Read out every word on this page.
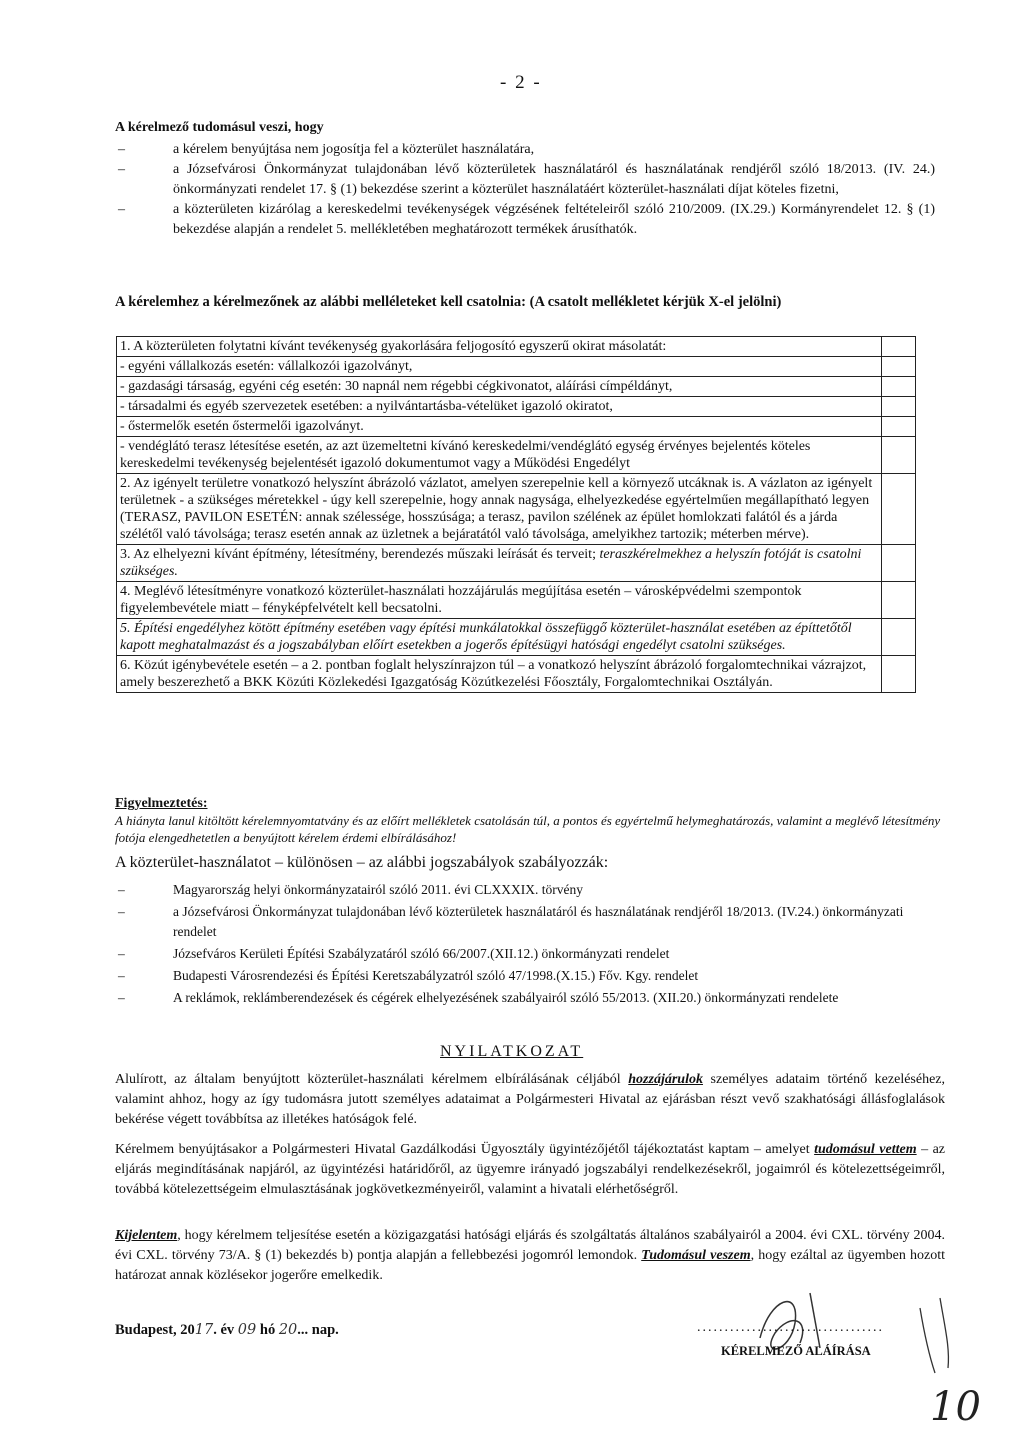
- 2 -
A kérelmező tudomásul veszi, hogy
– a kérelem benyújtása nem jogosítja fel a közterület használatára,
– a Józsefvárosi Önkormányzat tulajdonában lévő közterületek használatáról és használatának rendjéről szóló 18/2013. (IV. 24.) önkormányzati rendelet 17. § (1) bekezdése szerint a közterület használatáért közterület-használati díjat köteles fizetni,
– a közterületen kizárólag a kereskedelmi tevékenységek végzésének feltételeiről szóló 210/2009. (IX.29.) Kormányrendelet 12. § (1) bekezdése alapján a rendelet 5. mellékletében meghatározott termékek árusíthatók.
A kérelemhez a kérelmezőnek az alábbi melléleteket kell csatolnia: (A csatolt mellékletet kérjük X-el jelölni)
1. A közterületen folytatni kívánt tevékenység gyakorlására feljogosító egyszerű okirat másolatát:	
- egyéni vállalkozás esetén: vállalkozói igazolványt,	
- gazdasági társaság, egyéni cég esetén: 30 napnál nem régebbi cégkivonatot, aláírási címpéldányt,	
- társadalmi és egyéb szervezetek esetében: a nyilvántartásba-vételüket igazoló okiratot,	
- őstermelők esetén őstermelői igazolványt.	
- vendéglátó terasz létesítése esetén, az azt üzemeltetni kívánó kereskedelmi/vendéglátó egység érvényes bejelentés köteles kereskedelmi tevékenység bejelentését igazoló dokumentumot vagy a Működési Engedélyt	
2. Az igényelt területre vonatkozó helyszínt ábrázoló vázlatot, amelyen szerepelnie kell a környező utcáknak is. A vázlaton az igényelt területnek - a szükséges méretekkel - úgy kell szerepelnie, hogy annak nagysága, elhelyezkedése egyértelműen megállapítható legyen (TERASZ, PAVILON ESETÉN: annak szélessége, hosszúsága; a terasz, pavilon szélének az épület homlokzati falától és a járda szélétől való távolsága; terasz esetén annak az üzletnek a bejáratától való távolsága, amelyikhez tartozik; méterben mérve).	
3. Az elhelyezni kívánt építmény, létesítmény, berendezés műszaki leírását és terveit; teraszkérelmekhez a helyszín fotóját is csatolni szükséges.	
4. Meglévő létesítményre vonatkozó közterület-használati hozzájárulás megújítása esetén – városképvédelmi szempontok figyelembevétele miatt – fényképfelvételt kell becsatolni.	
5. Építési engedélyhez kötött építmény esetében vagy építési munkálatokkal összefüggő közterület-használat esetében az építtetőtől kapott meghatalmazást és a jogszabályban előírt esetekben a jogerős építésügyi hatósági engedélyt csatolni szükséges.	
6. Közút igénybevétele esetén – a 2. pontban foglalt helyszínrajzon túl – a vonatkozó helyszínt ábrázoló forgalomtechnikai vázrajzot, amely beszerezhető a BKK Közúti Közlekedési Igazgatóság Közútkezelési Főosztály, Forgalomtechnikai Osztályán.	
Figyelmeztetés:
A hiányta lanul kitöltött kérelemnyomtatvány és az előírt mellékletek csatolásán túl, a pontos és egyértelmű helymeghatározás, valamint a meglévő létesítmény fotója elengedhetetlen a benyújtott kérelem érdemi elbírálásához!
A közterület-használatot – különösen – az alábbi jogszabályok szabályozzák:
– Magyarország helyi önkormányzatairól szóló 2011. évi CLXXXIX. törvény
– a Józsefvárosi Önkormányzat tulajdonában lévő közterületek használatáról és használatának rendjéről 18/2013. (IV.24.) önkormányzati rendelet
– Józsefváros Kerületi Építési Szabályzatáról szóló 66/2007.(XII.12.) önkormányzati rendelet
– Budapesti Városrendezési és Építési Keretszabályzatról szóló 47/1998.(X.15.) Főv. Kgy. rendelet
– A reklámok, reklámberendezések és cégérek elhelyezésének szabályairól szóló 55/2013. (XII.20.) önkormányzati rendelete
NYILATKOZAT
Alulírott, az általam benyújtott közterület-használati kérelmem elbírálásának céljából hozzájárulok személyes adataim történő kezeléséhez, valamint ahhoz, hogy az így tudomásra jutott személyes adataimat a Polgármesteri Hivatal az ejárásban részt vevő szakhatósági állásfoglalások bekérése végett továbbítsa az illetékes hatóságok felé.
Kérelmem benyújtásakor a Polgármesteri Hivatal Gazdálkodási Ügyosztály ügyintézőjétől tájékoztatást kaptam – amelyet tudomásul vettem – az eljárás megindításának napjáról, az ügyintézési határidőről, az ügyemre irányadó jogszabályi rendelkezésekről, jogaimról és kötelezettségeimről, továbbá kötelezettségeim elmulasztásának jogkövetkezményeiről, valamint a hivatali elérhetőségről.
Kijelentem, hogy kérelmem teljesítése esetén a közigazgatási hatósági eljárás és szolgáltatás általános szabályairól a 2004. évi CXL. törvény 2004. évi CXL. törvény 73/A. § (1) bekezdés b) pontja alapján a fellebbezési jogomról lemondok. Tudomásul veszem, hogy ezáltal az ügyemben hozott határozat annak közlésekor jogerőre emelkedik.
Budapest, 2017. év 09 hó 20... nap.	..................................
KÉRELMEZŐ ALÁÍRÁSA
10
